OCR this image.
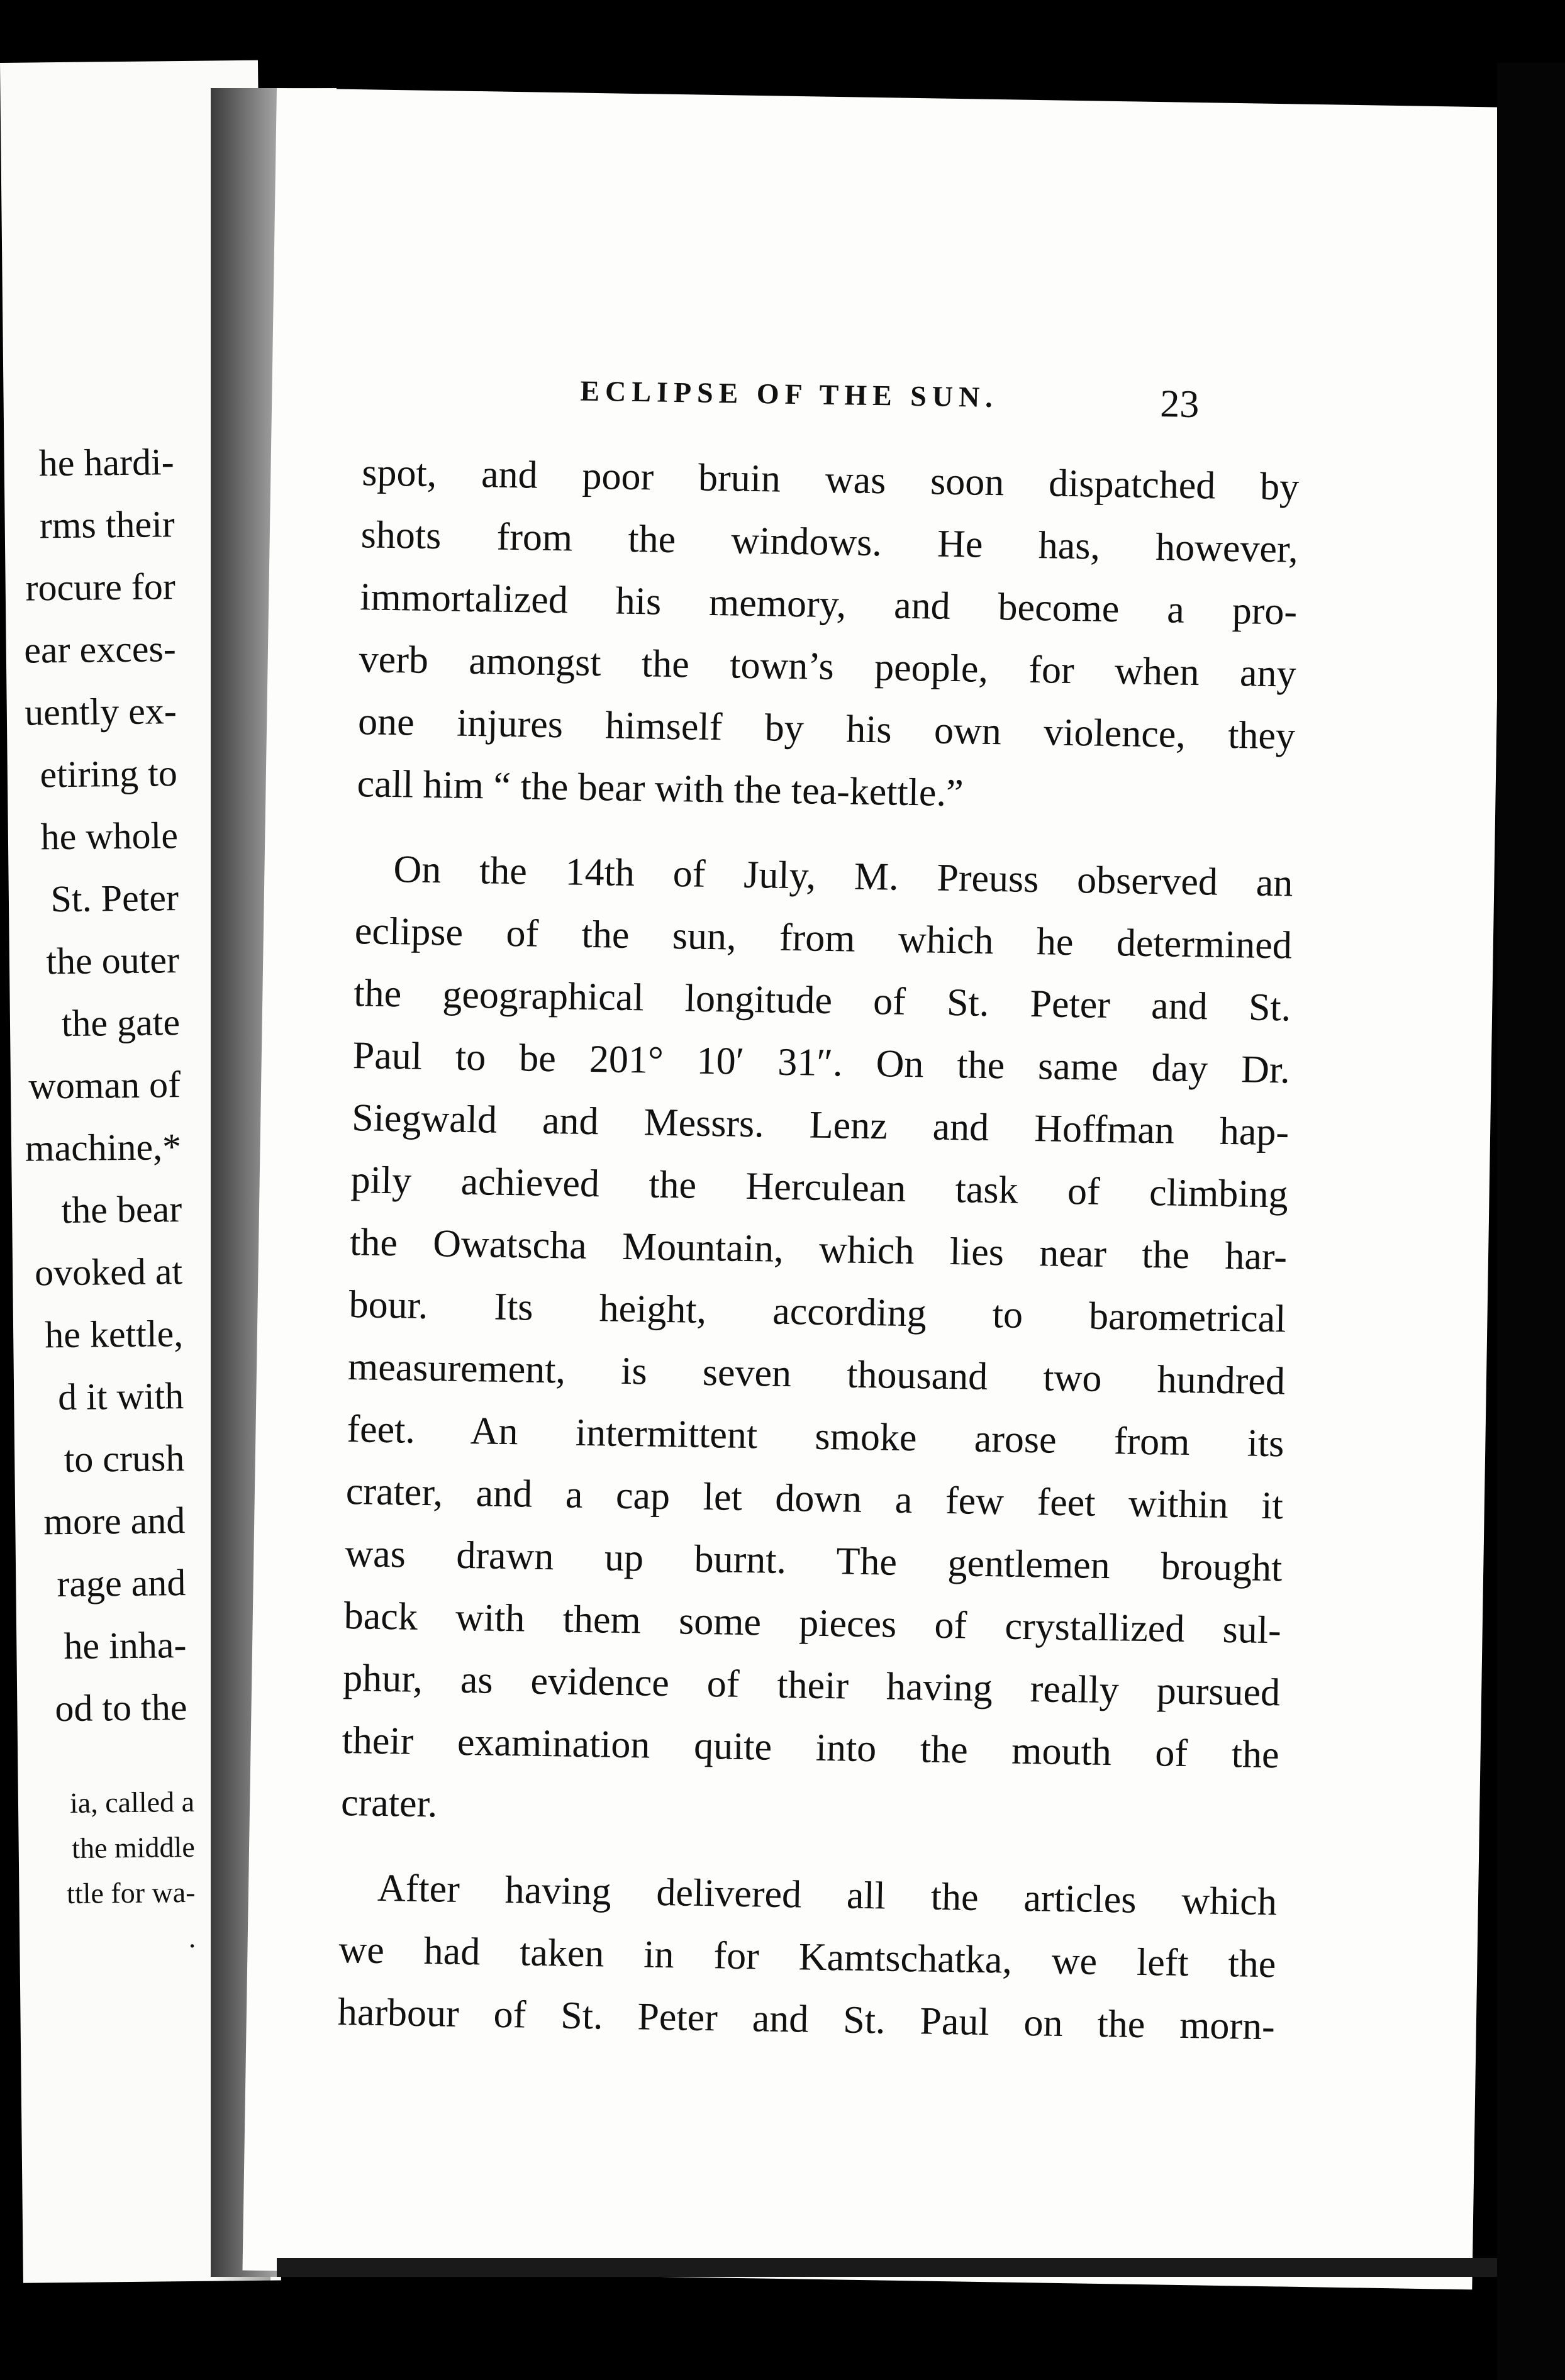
he hardi-
rms their
rocure for
ear exces-
uently ex-
etiring to
he whole
St. Peter
the outer
the gate
woman of
machine,*
the bear
ovoked at
he kettle,
d it with
to crush
more and
rage and
he inha-
od to the
ia, called a
the middle
ttle for wa-
.
ECLIPSE OF THE SUN.	23
spot, and poor bruin was soon dispatched by
shots from the windows. He has, however,
immortalized his memory, and become a pro-
verb amongst the town’s people, for when any
one injures himself by his own violence, they
call him “ the bear with the tea-kettle.”
On the 14th of July, M. Preuss observed an
eclipse of the sun, from which he determined
the geographical longitude of St. Peter and St.
Paul to be 201° 10′ 31″. On the same day Dr.
Siegwald and Messrs. Lenz and Hoffman hap-
pily achieved the Herculean task of climbing
the Owatscha Mountain, which lies near the har-
bour. Its height, according to barometrical
measurement, is seven thousand two hundred
feet. An intermittent smoke arose from its
crater, and a cap let down a few feet within it
was drawn up burnt. The gentlemen brought
back with them some pieces of crystallized sul-
phur, as evidence of their having really pursued
their examination quite into the mouth of the
crater.
After having delivered all the articles which
we had taken in for Kamtschatka, we left the
harbour of St. Peter and St. Paul on the morn-
